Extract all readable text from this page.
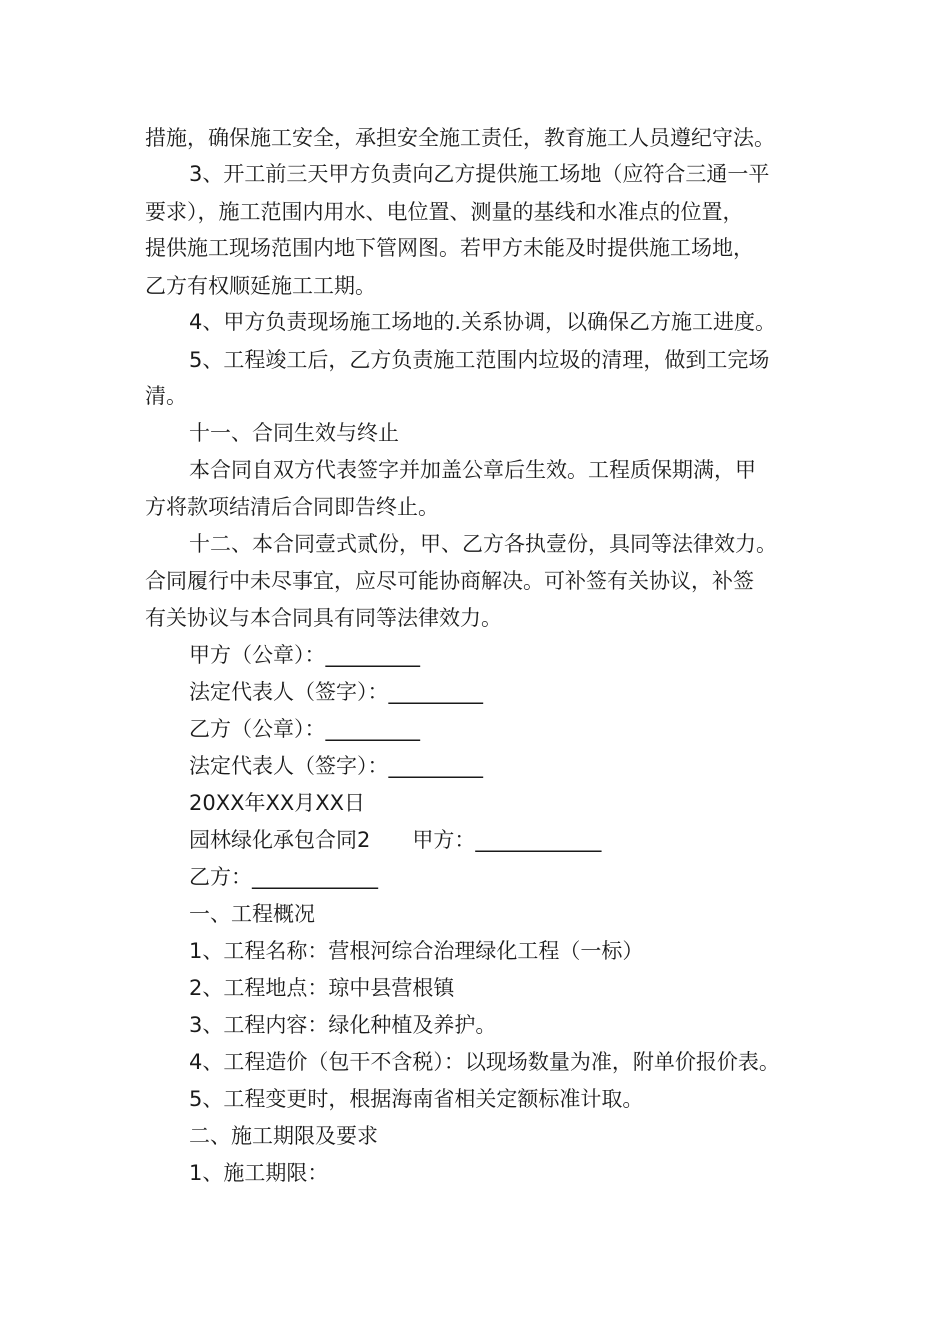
措施，确保施工安全，承担安全施工责任，教育施工人员遵纪守法。
3、开工前三天甲方负责向乙方提供施工场地（应符合三通一平
要求），施工范围内用水、电位置、测量的基线和水准点的位置，
提供施工现场范围内地下管网图。若甲方未能及时提供施工场地，
乙方有权顺延施工工期。
4、甲方负责现场施工场地的.关系协调，以确保乙方施工进度。
5、工程竣工后，乙方负责施工范围内垃圾的清理，做到工完场
清。
十一、合同生效与终止
本合同自双方代表签字并加盖公章后生效。工程质保期满，甲
方将款项结清后合同即告终止。
十二、本合同壹式贰份，甲、乙方各执壹份，具同等法律效力。
合同履行中未尽事宜，应尽可能协商解决。可补签有关协议，补签
有关协议与本合同具有同等法律效力。
甲方（公章）：_________
法定代表人（签字）：_________
乙方（公章）：_________
法定代表人（签字）：_________
20XX年XX月XX日
园林绿化承包合同2　　甲方：____________
乙方：____________
一、工程概况
1、工程名称：营根河综合治理绿化工程（一标）
2、工程地点：琼中县营根镇
3、工程内容：绿化种植及养护。
4、工程造价（包干不含税）：以现场数量为准，附单价报价表。
5、工程变更时，根据海南省相关定额标准计取。
二、施工期限及要求
1、施工期限：
